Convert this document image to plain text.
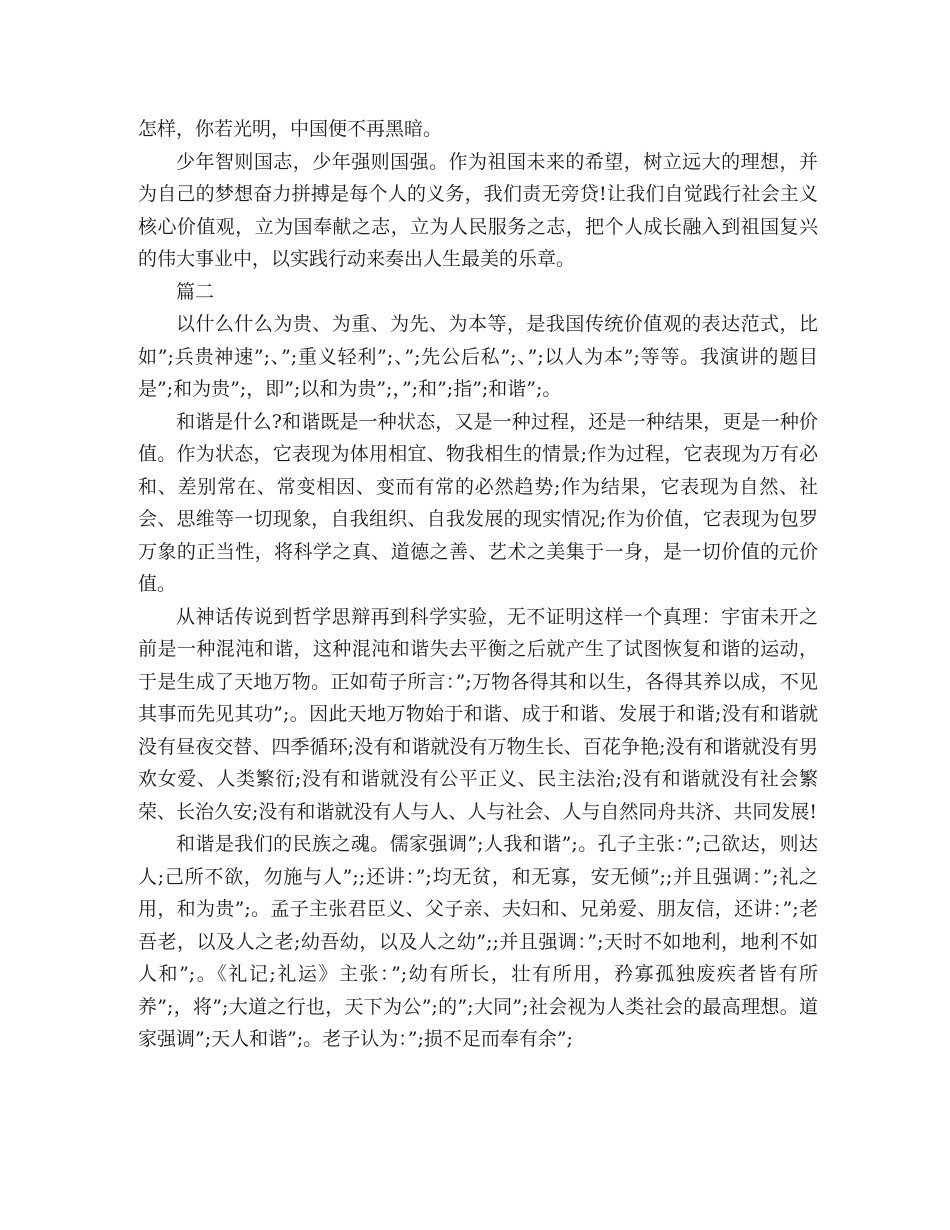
怎样，你若光明，中国便不再黑暗。

少年智则国志，少年强则国强。作为祖国未来的希望，树立远大的理想，并为自己的梦想奋力拼搏是每个人的义务，我们责无旁贷!让我们自觉践行社会主义核心价值观，立为国奉献之志，立为人民服务之志，把个人成长融入到祖国复兴的伟大事业中，以实践行动来奏出人生最美的乐章。

篇二

以什么什么为贵、为重、为先、为本等，是我国传统价值观的表达范式，比如”;兵贵神速”;、”;重义轻利”;、”;先公后私”;、”;以人为本”;等等。我演讲的题目是”;和为贵”;，即”;以和为贵”;，”;和”;指”;和谐”;。

和谐是什么?和谐既是一种状态，又是一种过程，还是一种结果，更是一种价值。作为状态，它表现为体用相宜、物我相生的情景;作为过程，它表现为万有必和、差别常在、常变相因、变而有常的必然趋势;作为结果，它表现为自然、社会、思维等一切现象，自我组织、自我发展的现实情况;作为价值，它表现为包罗万象的正当性，将科学之真、道德之善、艺术之美集于一身，是一切价值的元价值。

从神话传说到哲学思辩再到科学实验，无不证明这样一个真理：宇宙未开之前是一种混沌和谐，这种混沌和谐失去平衡之后就产生了试图恢复和谐的运动，于是生成了天地万物。正如荀子所言：”;万物各得其和以生，各得其养以成，不见其事而先见其功”;。因此天地万物始于和谐、成于和谐、发展于和谐;没有和谐就没有昼夜交替、四季循环;没有和谐就没有万物生长、百花争艳;没有和谐就没有男欢女爱、人类繁衍;没有和谐就没有公平正义、民主法治;没有和谐就没有社会繁荣、长治久安;没有和谐就没有人与人、人与社会、人与自然同舟共济、共同发展!

和谐是我们的民族之魂。儒家强调”;人我和谐”;。孔子主张：”;己欲达，则达人;己所不欲，勿施与人”;;还讲：”;均无贫，和无寡，安无倾”;;并且强调：”;礼之用，和为贵”;。孟子主张君臣义、父子亲、夫妇和、兄弟爱、朋友信，还讲：”;老吾老，以及人之老;幼吾幼，以及人之幼”;;并且强调：”;天时不如地利，地利不如人和”;。《礼记;礼运》主张：”;幼有所长，壮有所用，矜寡孤独废疾者皆有所养”;，将”;大道之行也，天下为公”;的”;大同”;社会视为人类社会的最高理想。道家强调”;天人和谐”;。老子认为：”;损不足而奉有余”;
